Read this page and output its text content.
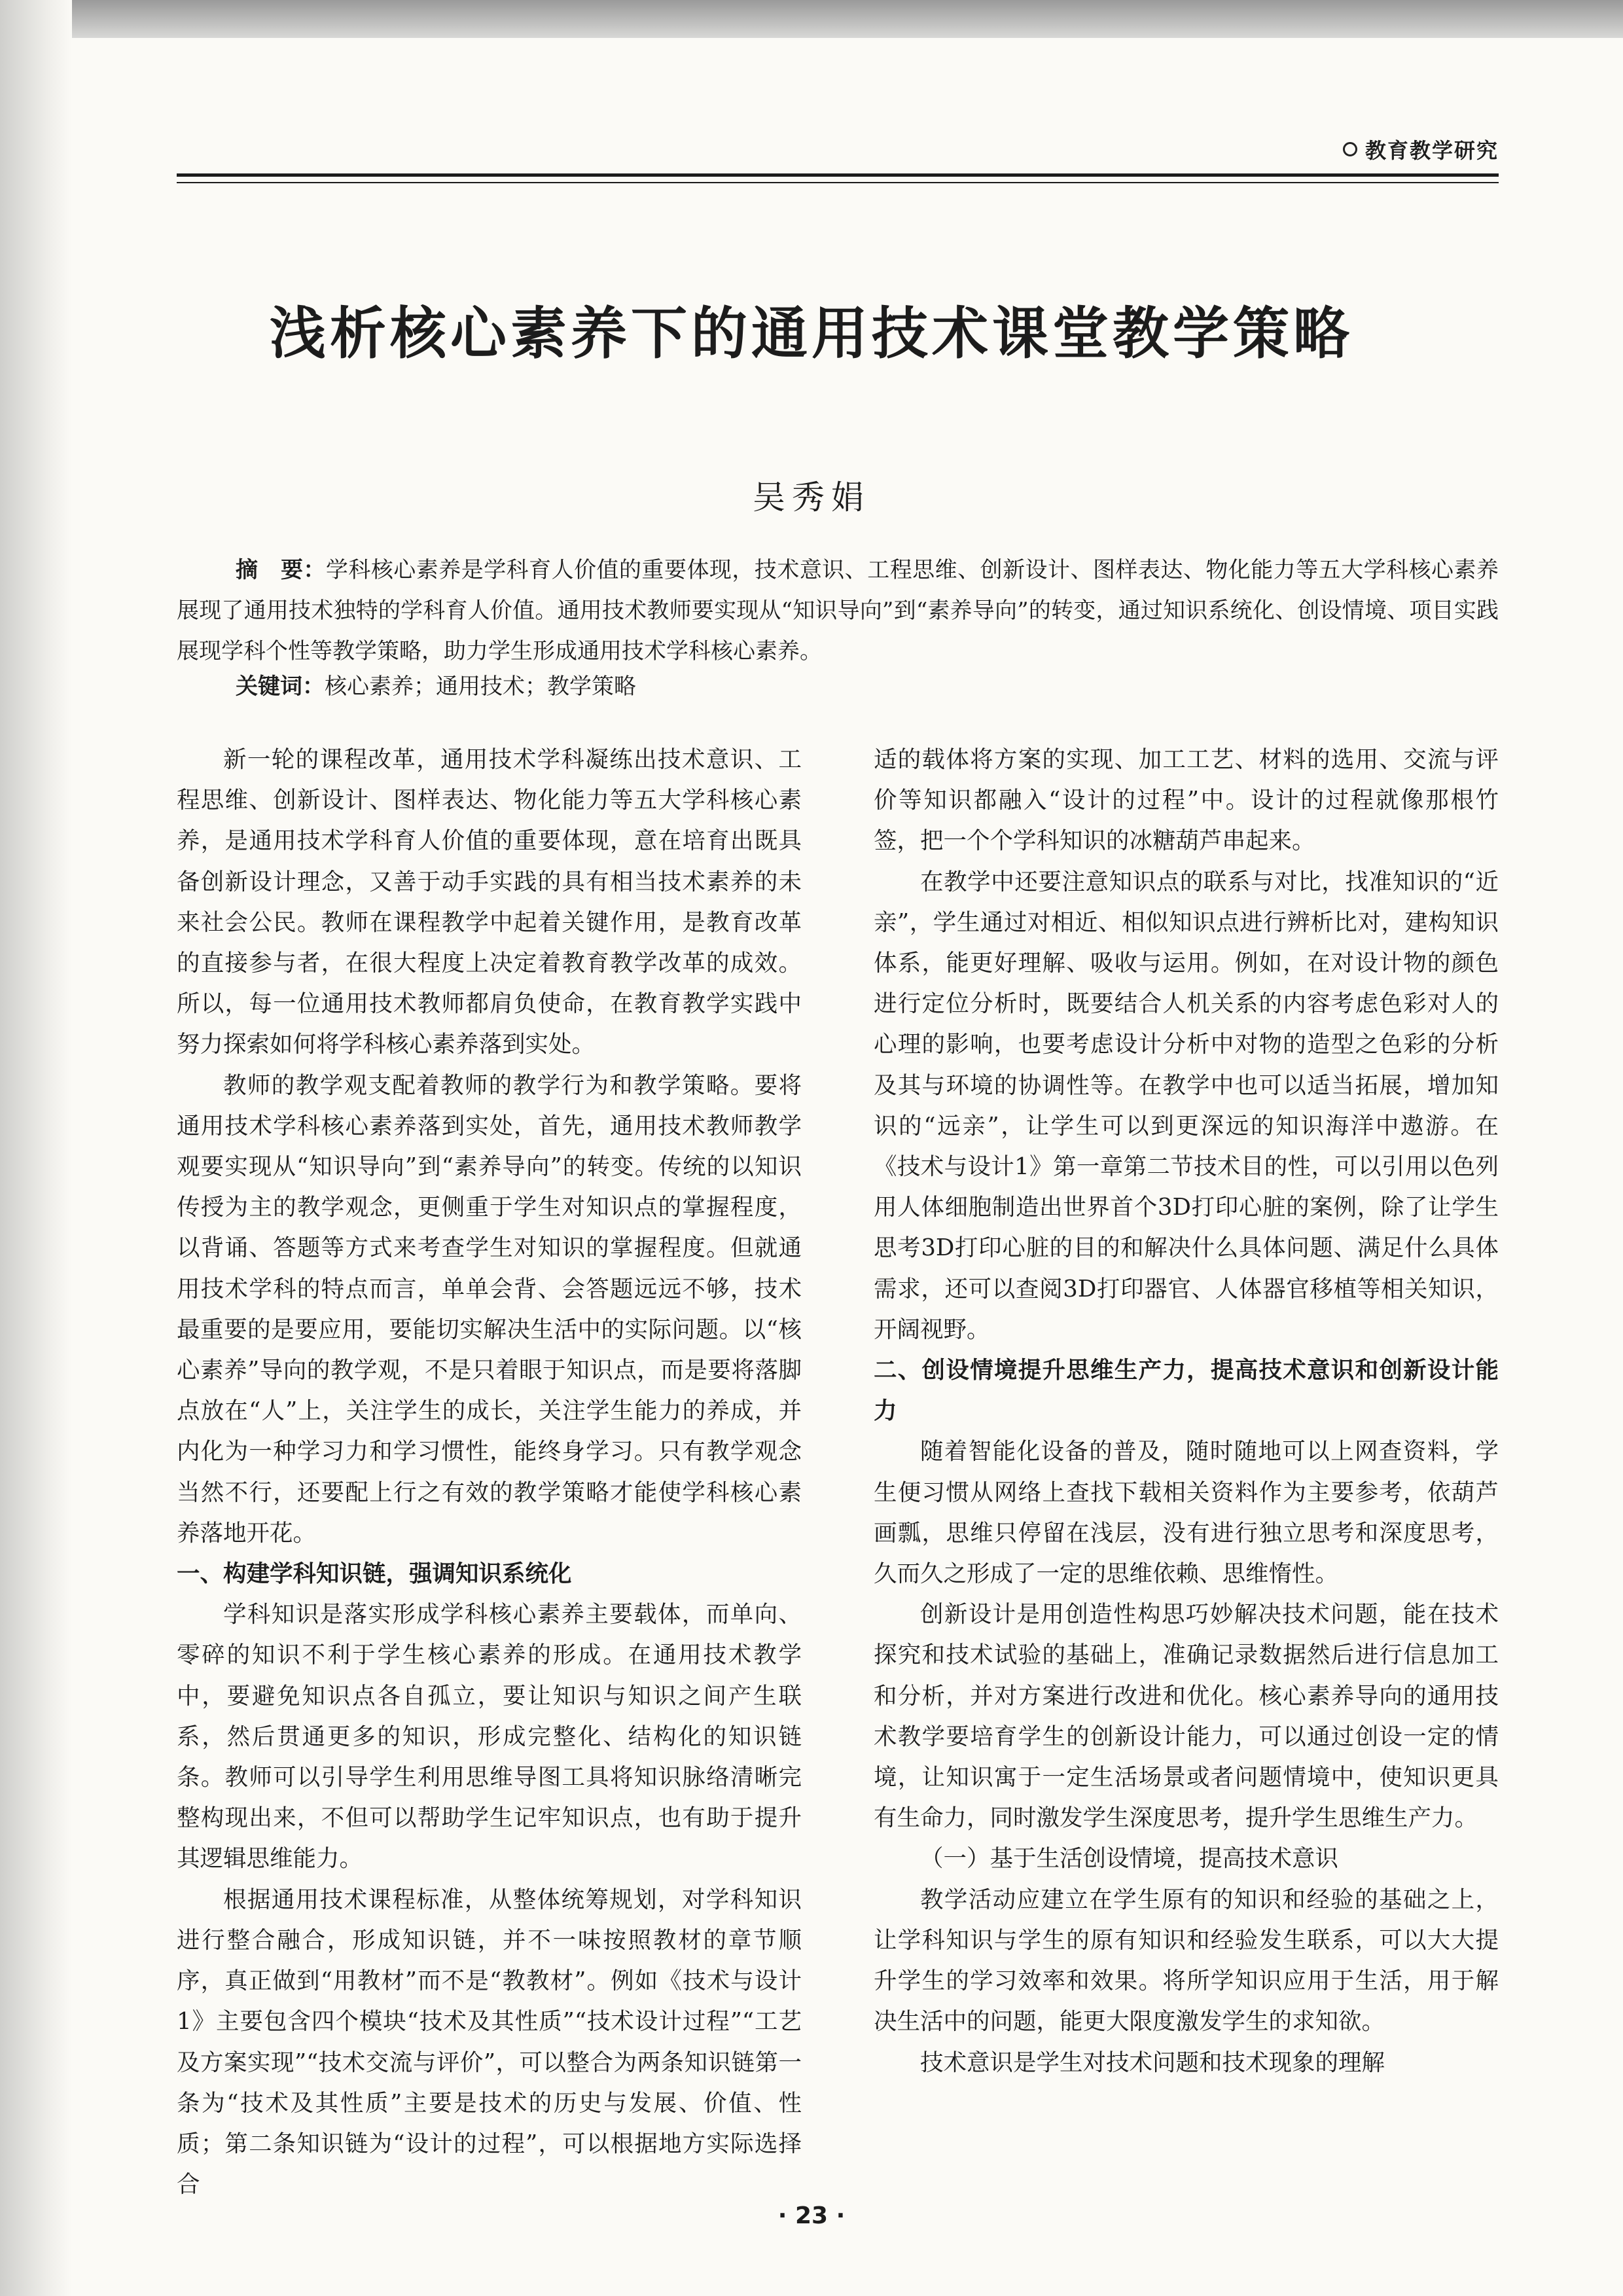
教育教学研究
浅析核心素养下的通用技术课堂教学策略
吴秀娟
摘　要：学科核心素养是学科育人价值的重要体现，技术意识、工程思维、创新设计、图样表达、物化能力等五大学科核心素养展现了通用技术独特的学科育人价值。通用技术教师要实现从“知识导向”到“素养导向”的转变，通过知识系统化、创设情境、项目实践展现学科个性等教学策略，助力学生形成通用技术学科核心素养。
关键词：核心素养；通用技术；教学策略

新一轮的课程改革，通用技术学科凝练出技术意识、工程思维、创新设计、图样表达、物化能力等五大学科核心素养，是通用技术学科育人价值的重要体现，意在培育出既具备创新设计理念，又善于动手实践的具有相当技术素养的未来社会公民。教师在课程教学中起着关键作用，是教育改革的直接参与者，在很大程度上决定着教育教学改革的成效。所以，每一位通用技术教师都肩负使命，在教育教学实践中努力探索如何将学科核心素养落到实处。

教师的教学观支配着教师的教学行为和教学策略。要将通用技术学科核心素养落到实处，首先，通用技术教师教学观要实现从“知识导向”到“素养导向”的转变。传统的以知识传授为主的教学观念，更侧重于学生对知识点的掌握程度，以背诵、答题等方式来考查学生对知识的掌握程度。但就通用技术学科的特点而言，单单会背、会答题远远不够，技术最重要的是要应用，要能切实解决生活中的实际问题。以“核心素养”导向的教学观，不是只着眼于知识点，而是要将落脚点放在“人”上，关注学生的成长，关注学生能力的养成，并内化为一种学习力和学习惯性，能终身学习。只有教学观念当然不行，还要配上行之有效的教学策略才能使学科核心素养落地开花。

一、构建学科知识链，强调知识系统化

学科知识是落实形成学科核心素养主要载体，而单向、零碎的知识不利于学生核心素养的形成。在通用技术教学中，要避免知识点各自孤立，要让知识与知识之间产生联系，然后贯通更多的知识，形成完整化、结构化的知识链条。教师可以引导学生利用思维导图工具将知识脉络清晰完整构现出来，不但可以帮助学生记牢知识点，也有助于提升其逻辑思维能力。

根据通用技术课程标准，从整体统筹规划，对学科知识进行整合融合，形成知识链，并不一味按照教材的章节顺序，真正做到“用教材”而不是“教教材”。例如《技术与设计1》主要包含四个模块“技术及其性质”“技术设计过程”“工艺及方案实现”“技术交流与评价”，可以整合为两条知识链第一条为“技术及其性质”主要是技术的历史与发展、价值、性质；第二条知识链为“设计的过程”，可以根据地方实际选择合

适的载体将方案的实现、加工工艺、材料的选用、交流与评价等知识都融入“设计的过程”中。设计的过程就像那根竹签，把一个个学科知识的冰糖葫芦串起来。

在教学中还要注意知识点的联系与对比，找准知识的“近亲”，学生通过对相近、相似知识点进行辨析比对，建构知识体系，能更好理解、吸收与运用。例如，在对设计物的颜色进行定位分析时，既要结合人机关系的内容考虑色彩对人的心理的影响，也要考虑设计分析中对物的造型之色彩的分析及其与环境的协调性等。在教学中也可以适当拓展，增加知识的“远亲”，让学生可以到更深远的知识海洋中遨游。在《技术与设计1》第一章第二节技术目的性，可以引用以色列用人体细胞制造出世界首个3D打印心脏的案例，除了让学生思考3D打印心脏的目的和解决什么具体问题、满足什么具体需求，还可以查阅3D打印器官、人体器官移植等相关知识，开阔视野。

二、创设情境提升思维生产力，提高技术意识和创新设计能力

随着智能化设备的普及，随时随地可以上网查资料，学生便习惯从网络上查找下载相关资料作为主要参考，依葫芦画瓢，思维只停留在浅层，没有进行独立思考和深度思考，久而久之形成了一定的思维依赖、思维惰性。

创新设计是用创造性构思巧妙解决技术问题，能在技术探究和技术试验的基础上，准确记录数据然后进行信息加工和分析，并对方案进行改进和优化。核心素养导向的通用技术教学要培育学生的创新设计能力，可以通过创设一定的情境，让知识寓于一定生活场景或者问题情境中，使知识更具有生命力，同时激发学生深度思考，提升学生思维生产力。

（一）基于生活创设情境，提高技术意识

教学活动应建立在学生原有的知识和经验的基础之上，让学科知识与学生的原有知识和经验发生联系，可以大大提升学生的学习效率和效果。将所学知识应用于生活，用于解决生活中的问题，能更大限度激发学生的求知欲。

技术意识是学生对技术问题和技术现象的理解

· 23 ·
